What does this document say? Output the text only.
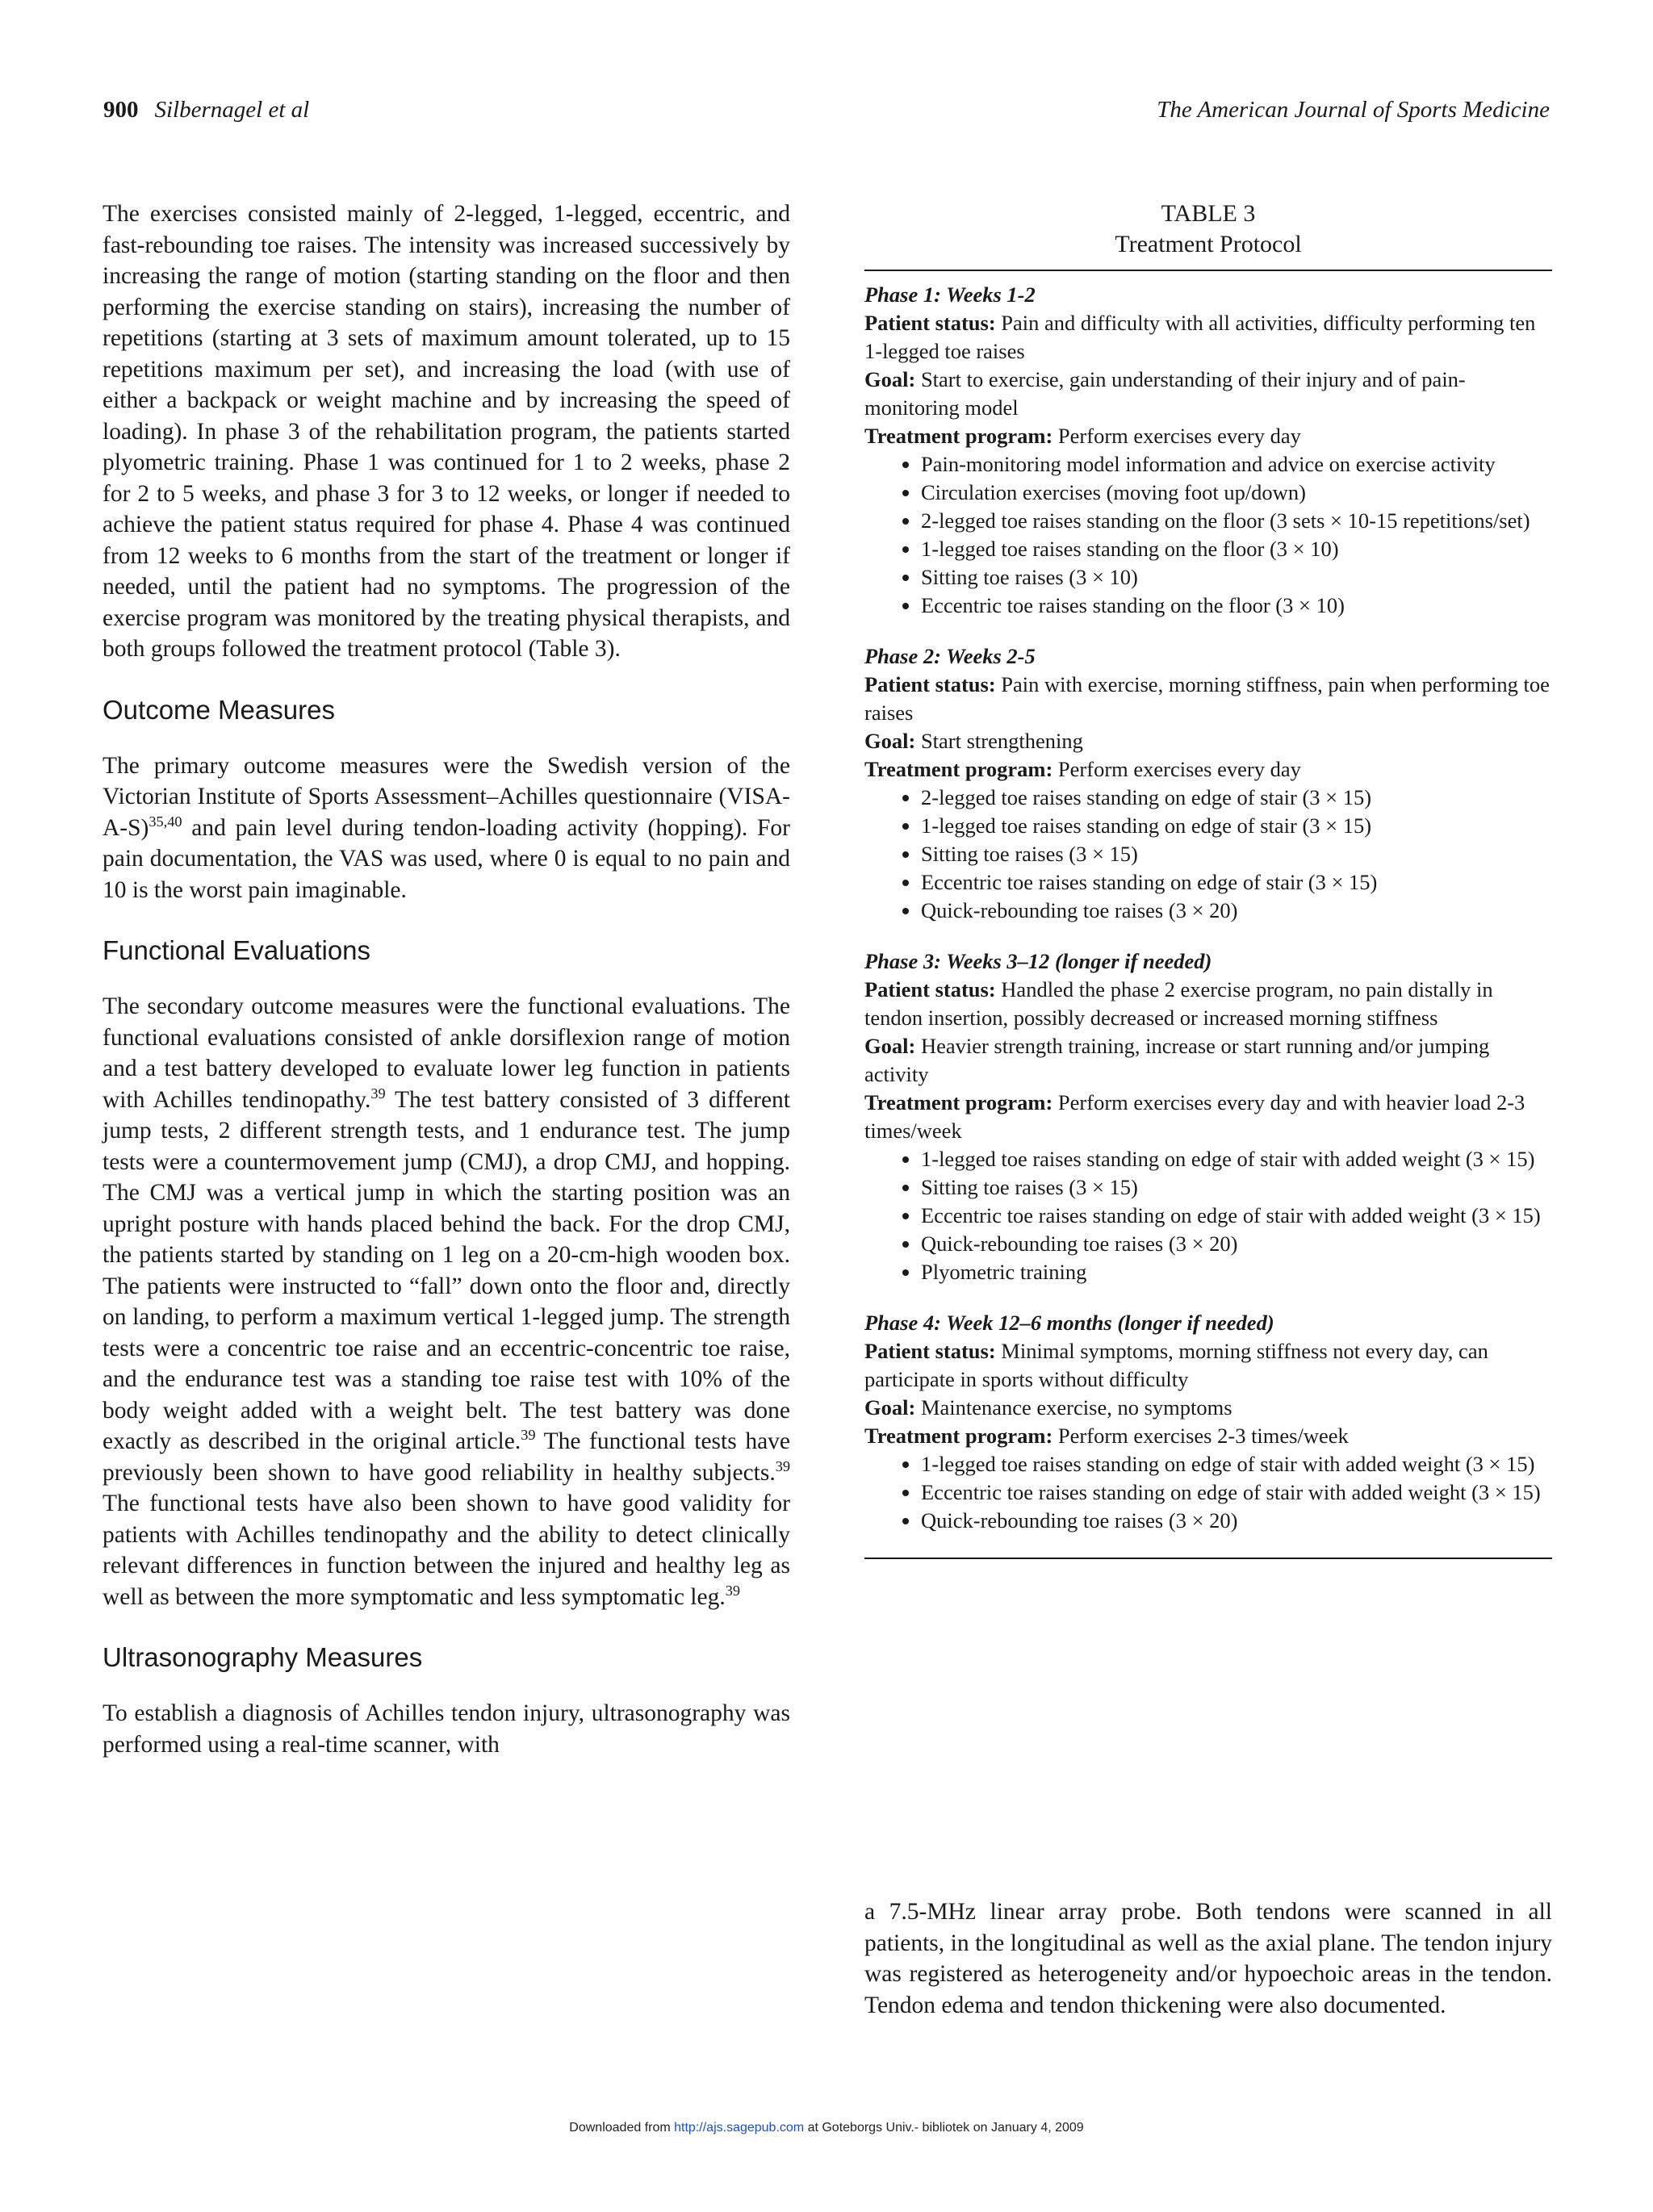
900 Silbernagel et al	The American Journal of Sports Medicine

The exercises consisted mainly of 2-legged, 1-legged, eccentric, and fast-rebounding toe raises. The intensity was increased successively by increasing the range of motion (starting standing on the floor and then performing the exercise standing on stairs), increasing the number of repetitions (starting at 3 sets of maximum amount tolerated, up to 15 repetitions maximum per set), and increasing the load (with use of either a backpack or weight machine and by increasing the speed of loading). In phase 3 of the rehabilitation program, the patients started plyometric training. Phase 1 was continued for 1 to 2 weeks, phase 2 for 2 to 5 weeks, and phase 3 for 3 to 12 weeks, or longer if needed to achieve the patient status required for phase 4. Phase 4 was continued from 12 weeks to 6 months from the start of the treatment or longer if needed, until the patient had no symptoms. The progression of the exercise program was monitored by the treating physical therapists, and both groups followed the treatment protocol (Table 3).

Outcome Measures

The primary outcome measures were the Swedish version of the Victorian Institute of Sports Assessment–Achilles questionnaire (VISA-A-S)$^{35,40}$ and pain level during tendon-loading activity (hopping). For pain documentation, the VAS was used, where 0 is equal to no pain and 10 is the worst pain imaginable.

Functional Evaluations

The secondary outcome measures were the functional evaluations. The functional evaluations consisted of ankle dorsiflexion range of motion and a test battery developed to evaluate lower leg function in patients with Achilles tendinopathy.$^{39}$ The test battery consisted of 3 different jump tests, 2 different strength tests, and 1 endurance test. The jump tests were a countermovement jump (CMJ), a drop CMJ, and hopping. The CMJ was a vertical jump in which the starting position was an upright posture with hands placed behind the back. For the drop CMJ, the patients started by standing on 1 leg on a 20-cm-high wooden box. The patients were instructed to “fall” down onto the floor and, directly on landing, to perform a maximum vertical 1-legged jump. The strength tests were a concentric toe raise and an eccentric-concentric toe raise, and the endurance test was a standing toe raise test with 10% of the body weight added with a weight belt. The test battery was done exactly as described in the original article.$^{39}$ The functional tests have previously been shown to have good reliability in healthy subjects.$^{39}$ The functional tests have also been shown to have good validity for patients with Achilles tendinopathy and the ability to detect clinically relevant differences in function between the injured and healthy leg as well as between the more symptomatic and less symptomatic leg.$^{39}$

Ultrasonography Measures

To establish a diagnosis of Achilles tendon injury, ultrasonography was performed using a real-time scanner, with

TABLE 3
Treatment Protocol
Phase 1: Weeks 1-2
Patient status: Pain and difficulty with all activities, difficulty performing ten 1-legged toe raises
Goal: Start to exercise, gain understanding of their injury and of pain-monitoring model
Treatment program: Perform exercises every day
• Pain-monitoring model information and advice on exercise activity
• Circulation exercises (moving foot up/down)
• 2-legged toe raises standing on the floor (3 sets × 10-15 repetitions/set)
• 1-legged toe raises standing on the floor (3 × 10)
• Sitting toe raises (3 × 10)
• Eccentric toe raises standing on the floor (3 × 10)
Phase 2: Weeks 2-5
Patient status: Pain with exercise, morning stiffness, pain when performing toe raises
Goal: Start strengthening
Treatment program: Perform exercises every day
• 2-legged toe raises standing on edge of stair (3 × 15)
• 1-legged toe raises standing on edge of stair (3 × 15)
• Sitting toe raises (3 × 15)
• Eccentric toe raises standing on edge of stair (3 × 15)
• Quick-rebounding toe raises (3 × 20)
Phase 3: Weeks 3–12 (longer if needed)
Patient status: Handled the phase 2 exercise program, no pain distally in tendon insertion, possibly decreased or increased morning stiffness
Goal: Heavier strength training, increase or start running and/or jumping activity
Treatment program: Perform exercises every day and with heavier load 2-3 times/week
• 1-legged toe raises standing on edge of stair with added weight (3 × 15)
• Sitting toe raises (3 × 15)
• Eccentric toe raises standing on edge of stair with added weight (3 × 15)
• Quick-rebounding toe raises (3 × 20)
• Plyometric training
Phase 4: Week 12–6 months (longer if needed)
Patient status: Minimal symptoms, morning stiffness not every day, can participate in sports without difficulty
Goal: Maintenance exercise, no symptoms
Treatment program: Perform exercises 2-3 times/week
• 1-legged toe raises standing on edge of stair with added weight (3 × 15)
• Eccentric toe raises standing on edge of stair with added weight (3 × 15)
• Quick-rebounding toe raises (3 × 20)
a 7.5-MHz linear array probe. Both tendons were scanned in all patients, in the longitudinal as well as the axial plane. The tendon injury was registered as heterogeneity and/or hypoechoic areas in the tendon. Tendon edema and tendon thickening were also documented.
Downloaded from http://ajs.sagepub.com at Goteborgs Univ.- bibliotek on January 4, 2009
